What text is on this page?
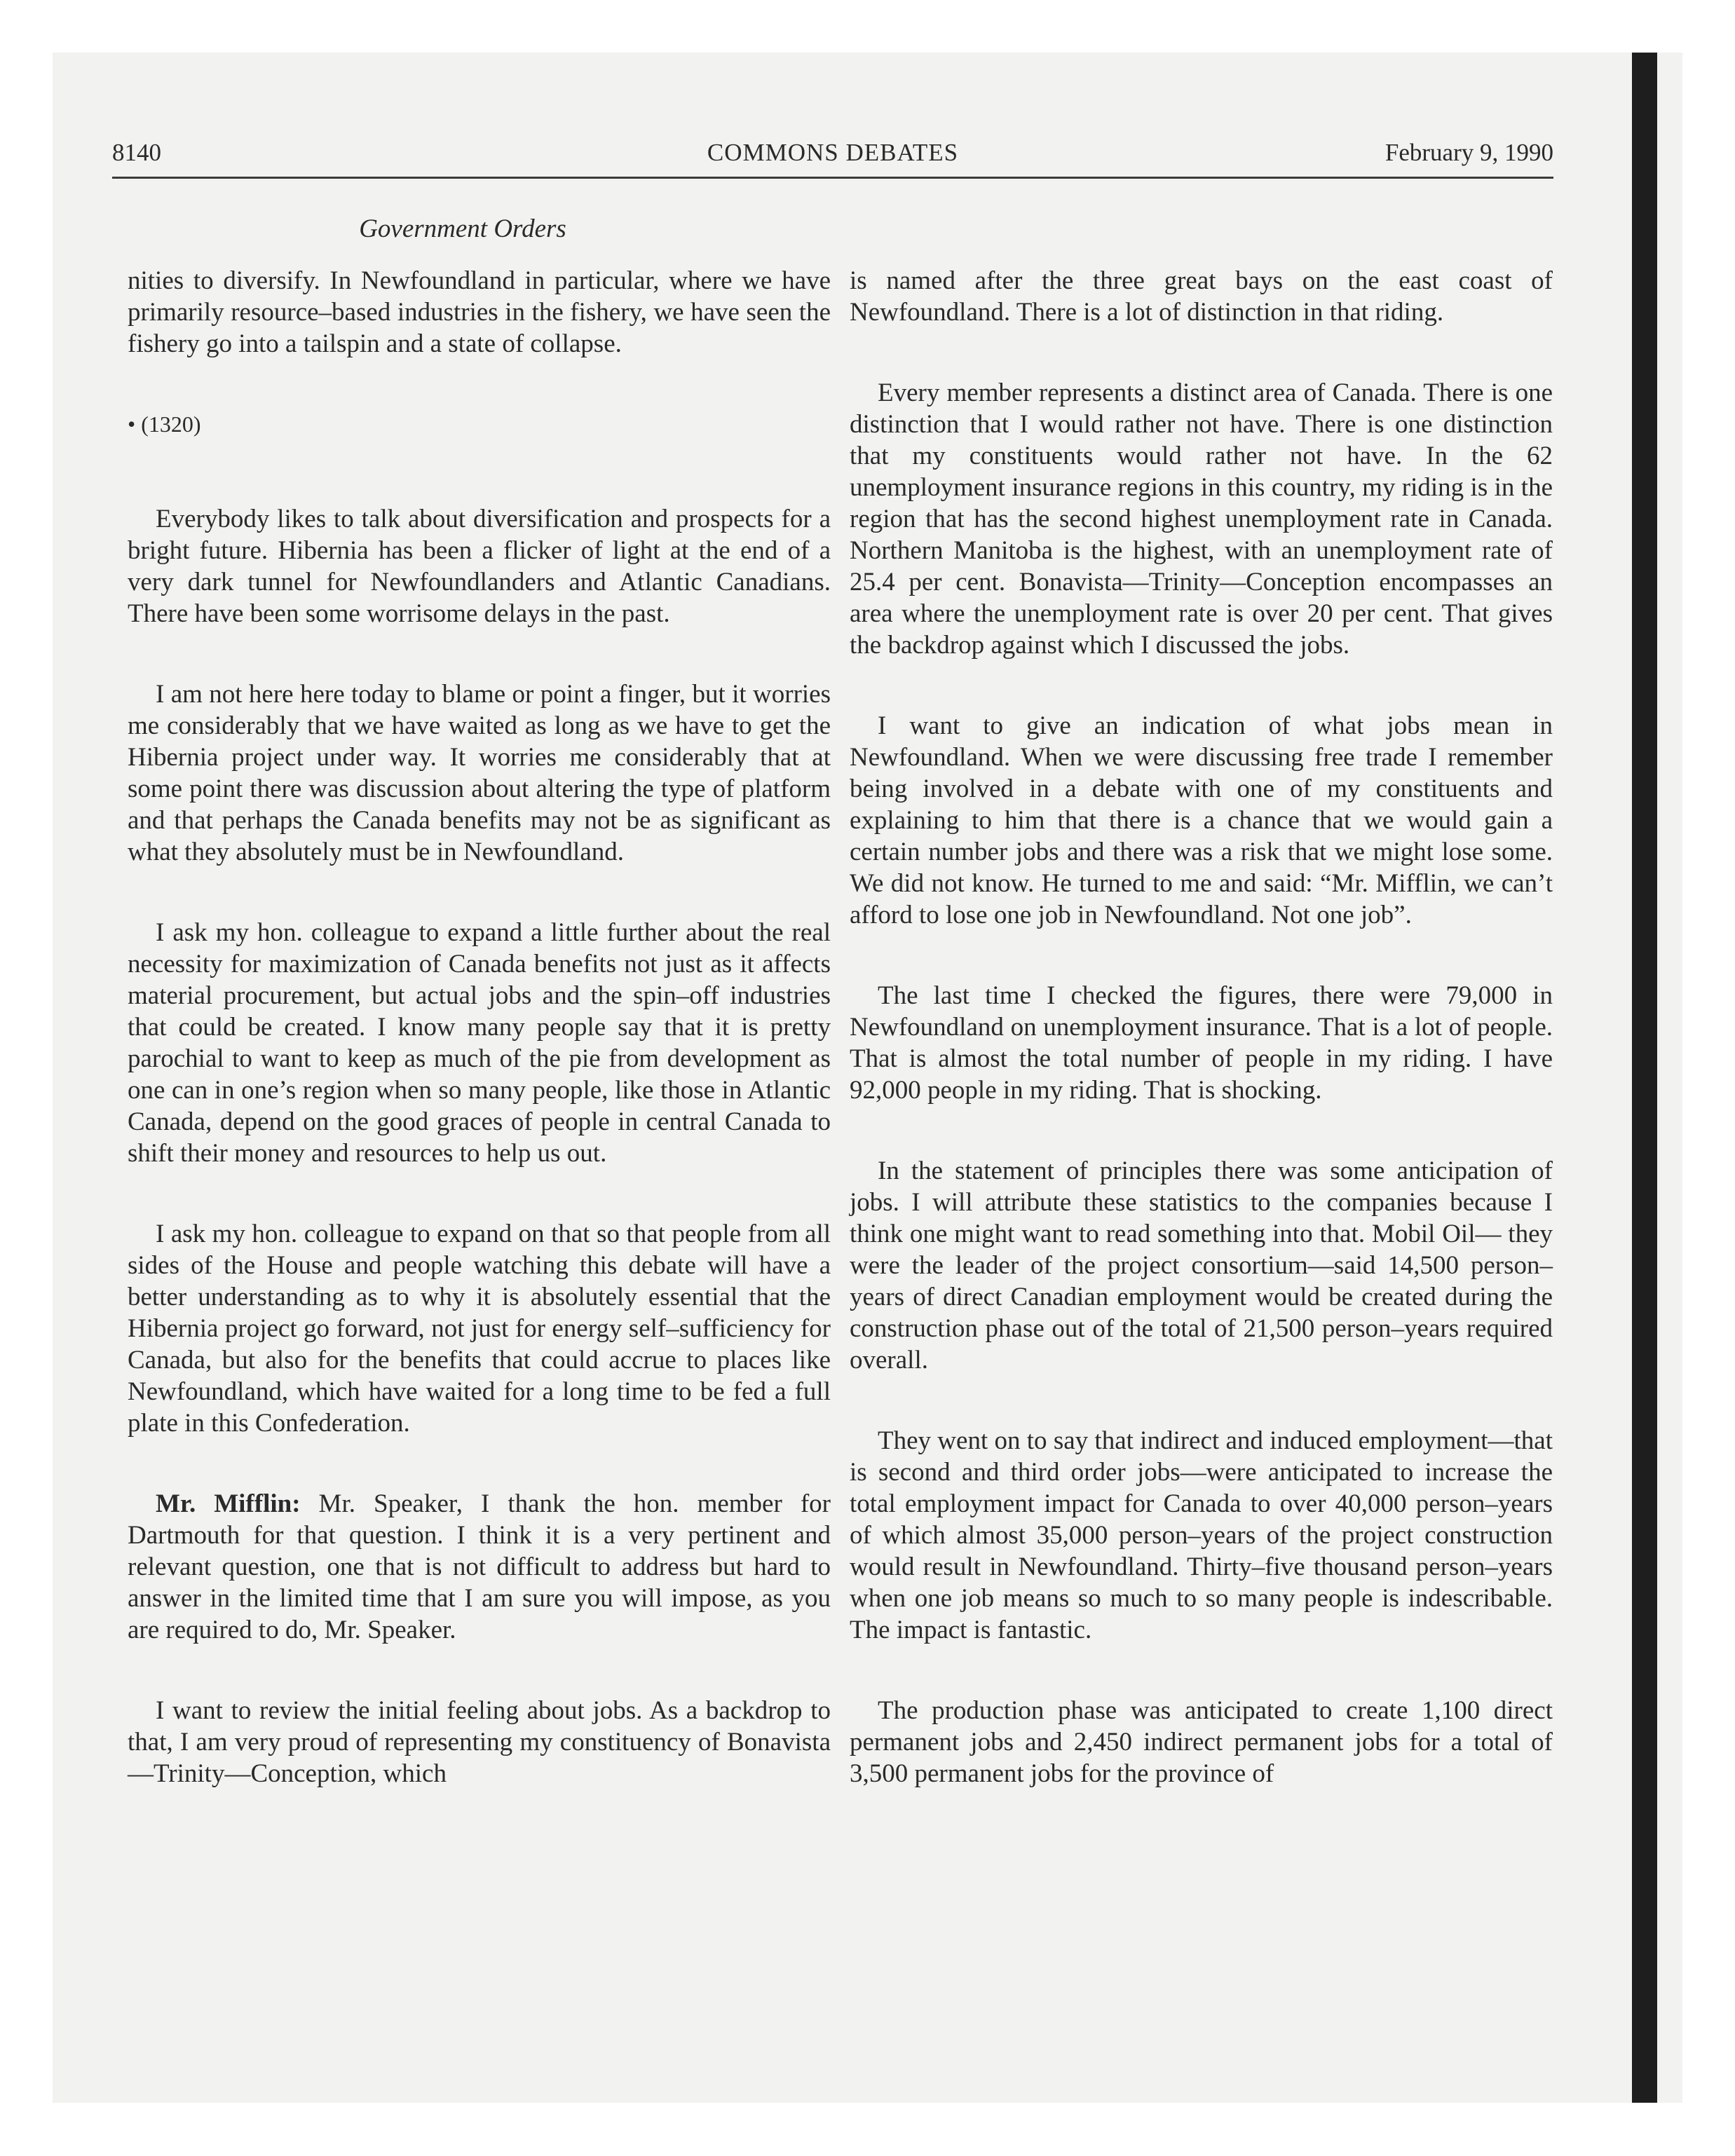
8140	COMMONS DEBATES	February 9, 1990
Government Orders

nities to diversify. In Newfoundland in particular, where we have primarily resource–based industries in the fishery, we have seen the fishery go into a tailspin and a state of collapse.

• (1320)

Everybody likes to talk about diversification and prospects for a bright future. Hibernia has been a flicker of light at the end of a very dark tunnel for Newfoundlanders and Atlantic Canadians. There have been some worrisome delays in the past.

I am not here here today to blame or point a finger, but it worries me considerably that we have waited as long as we have to get the Hibernia project under way. It worries me considerably that at some point there was discussion about altering the type of platform and that perhaps the Canada benefits may not be as significant as what they absolutely must be in Newfoundland.

I ask my hon. colleague to expand a little further about the real necessity for maximization of Canada benefits not just as it affects material procurement, but actual jobs and the spin–off industries that could be created. I know many people say that it is pretty parochial to want to keep as much of the pie from development as one can in one’s region when so many people, like those in Atlantic Canada, depend on the good graces of people in central Canada to shift their money and resources to help us out.

I ask my hon. colleague to expand on that so that people from all sides of the House and people watching this debate will have a better understanding as to why it is absolutely essential that the Hibernia project go forward, not just for energy self–sufficiency for Canada, but also for the benefits that could accrue to places like Newfoundland, which have waited for a long time to be fed a full plate in this Confederation.

Mr. Mifflin: Mr. Speaker, I thank the hon. member for Dartmouth for that question. I think it is a very pertinent and relevant question, one that is not difficult to address but hard to answer in the limited time that I am sure you will impose, as you are required to do, Mr. Speaker.

I want to review the initial feeling about jobs. As a backdrop to that, I am very proud of representing my constituency of Bonavista—Trinity—Conception, which

is named after the three great bays on the east coast of Newfoundland. There is a lot of distinction in that riding.

Every member represents a distinct area of Canada. There is one distinction that I would rather not have. There is one distinction that my constituents would rather not have. In the 62 unemployment insurance regions in this country, my riding is in the region that has the second highest unemployment rate in Canada. Northern Manitoba is the highest, with an unemployment rate of 25.4 per cent. Bonavista—Trinity—Conception encompasses an area where the unemployment rate is over 20 per cent. That gives the backdrop against which I discussed the jobs.

I want to give an indication of what jobs mean in Newfoundland. When we were discussing free trade I remember being involved in a debate with one of my constituents and explaining to him that there is a chance that we would gain a certain number jobs and there was a risk that we might lose some. We did not know. He turned to me and said: “Mr. Mifflin, we can’t afford to lose one job in Newfoundland. Not one job”.

The last time I checked the figures, there were 79,000 in Newfoundland on unemployment insurance. That is a lot of people. That is almost the total number of people in my riding. I have 92,000 people in my riding. That is shocking.

In the statement of principles there was some anticipation of jobs. I will attribute these statistics to the companies because I think one might want to read something into that. Mobil Oil— they were the leader of the project consortium—said 14,500 person–years of direct Canadian employment would be created during the construction phase out of the total of 21,500 person–years required overall.

They went on to say that indirect and induced employment—that is second and third order jobs—were anticipated to increase the total employment impact for Canada to over 40,000 person–years of which almost 35,000 person–years of the project construction would result in Newfoundland. Thirty–five thousand person–years when one job means so much to so many people is indescribable. The impact is fantastic.

The production phase was anticipated to create 1,100 direct permanent jobs and 2,450 indirect permanent jobs for a total of 3,500 permanent jobs for the province of
